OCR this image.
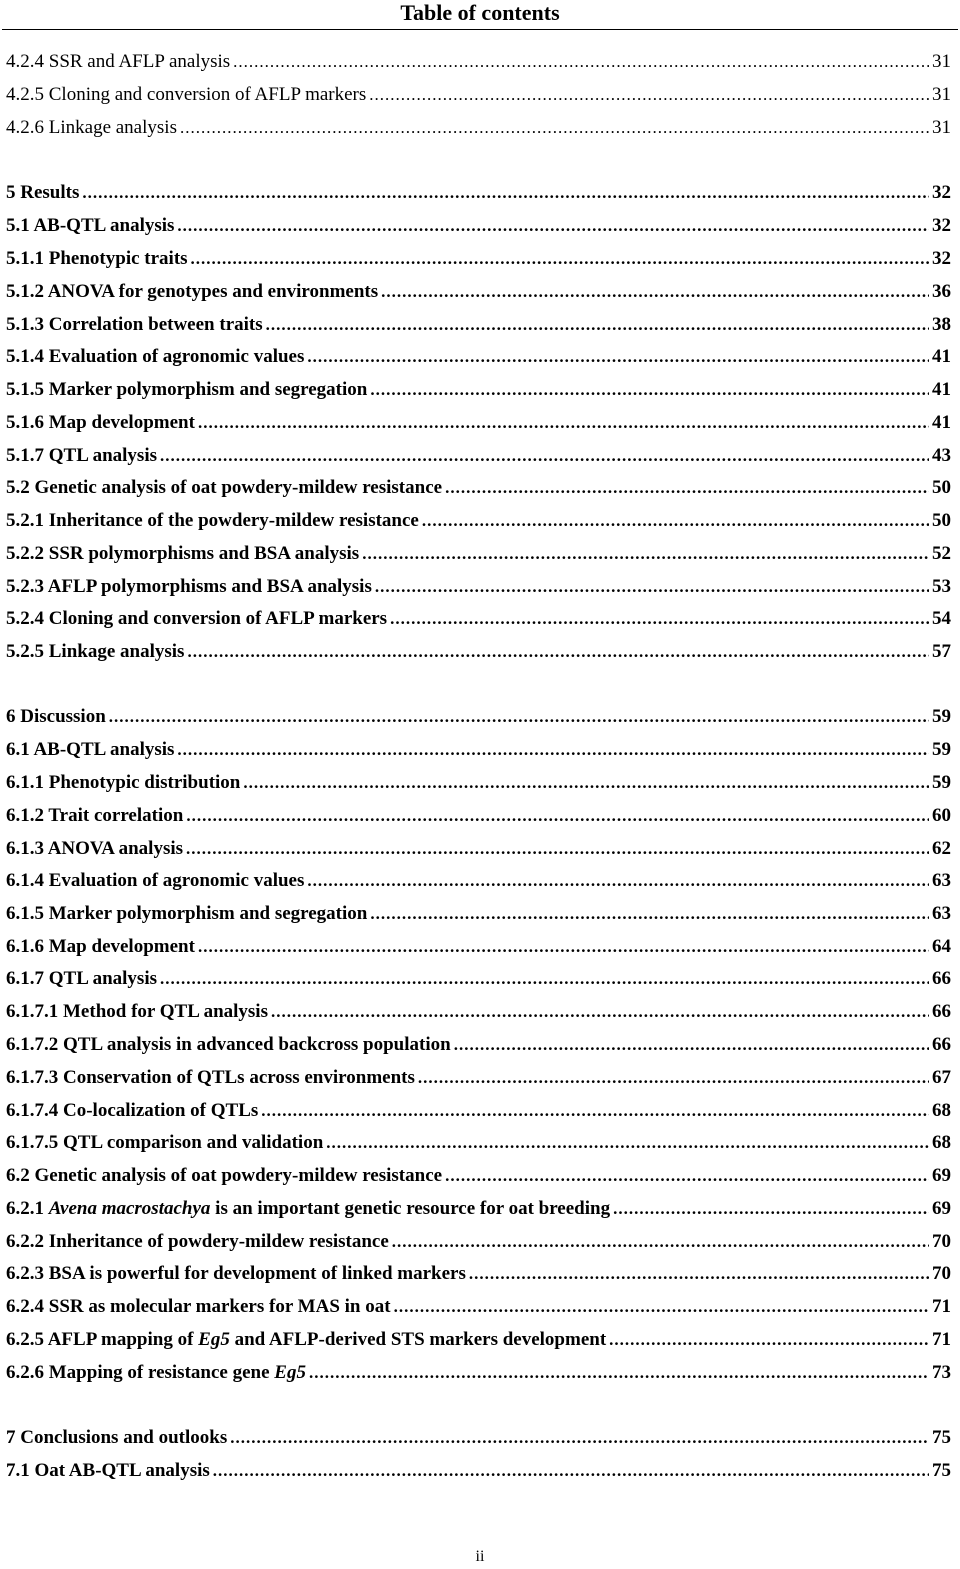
Table of contents
4.2.4 SSR and AFLP analysis .....	31
4.2.5 Cloning and conversion of AFLP markers .....	31
4.2.6 Linkage analysis .....	31
5 Results .....	32
5.1 AB-QTL analysis .....	32
5.1.1 Phenotypic traits .....	32
5.1.2 ANOVA for genotypes and environments .....	36
5.1.3 Correlation between traits .....	38
5.1.4 Evaluation of agronomic values .....	41
5.1.5 Marker polymorphism and segregation .....	41
5.1.6 Map development .....	41
5.1.7 QTL analysis .....	43
5.2 Genetic analysis of oat powdery-mildew resistance .....	50
5.2.1 Inheritance of the powdery-mildew resistance .....	50
5.2.2 SSR polymorphisms and BSA analysis .....	52
5.2.3 AFLP polymorphisms and BSA analysis .....	53
5.2.4 Cloning and conversion of AFLP markers .....	54
5.2.5 Linkage analysis .....	57
6 Discussion .....	59
6.1 AB-QTL analysis .....	59
6.1.1 Phenotypic distribution .....	59
6.1.2 Trait correlation .....	60
6.1.3 ANOVA analysis .....	62
6.1.4 Evaluation of agronomic values .....	63
6.1.5 Marker polymorphism and segregation .....	63
6.1.6 Map development .....	64
6.1.7 QTL analysis .....	66
6.1.7.1 Method for QTL analysis .....	66
6.1.7.2 QTL analysis in advanced backcross population .....	66
6.1.7.3 Conservation of QTLs across environments .....	67
6.1.7.4 Co-localization of QTLs .....	68
6.1.7.5 QTL comparison and validation .....	68
6.2 Genetic analysis of oat powdery-mildew resistance .....	69
6.2.1 Avena macrostachya is an important genetic resource for oat breeding .....	69
6.2.2 Inheritance of powdery-mildew resistance .....	70
6.2.3 BSA is powerful for development of linked markers .....	70
6.2.4 SSR as molecular markers for MAS in oat .....	71
6.2.5 AFLP mapping of Eg5 and AFLP-derived STS markers development .....	71
6.2.6 Mapping of resistance gene Eg5 .....	73
7 Conclusions and outlooks .....	75
7.1 Oat AB-QTL analysis .....	75
ii
